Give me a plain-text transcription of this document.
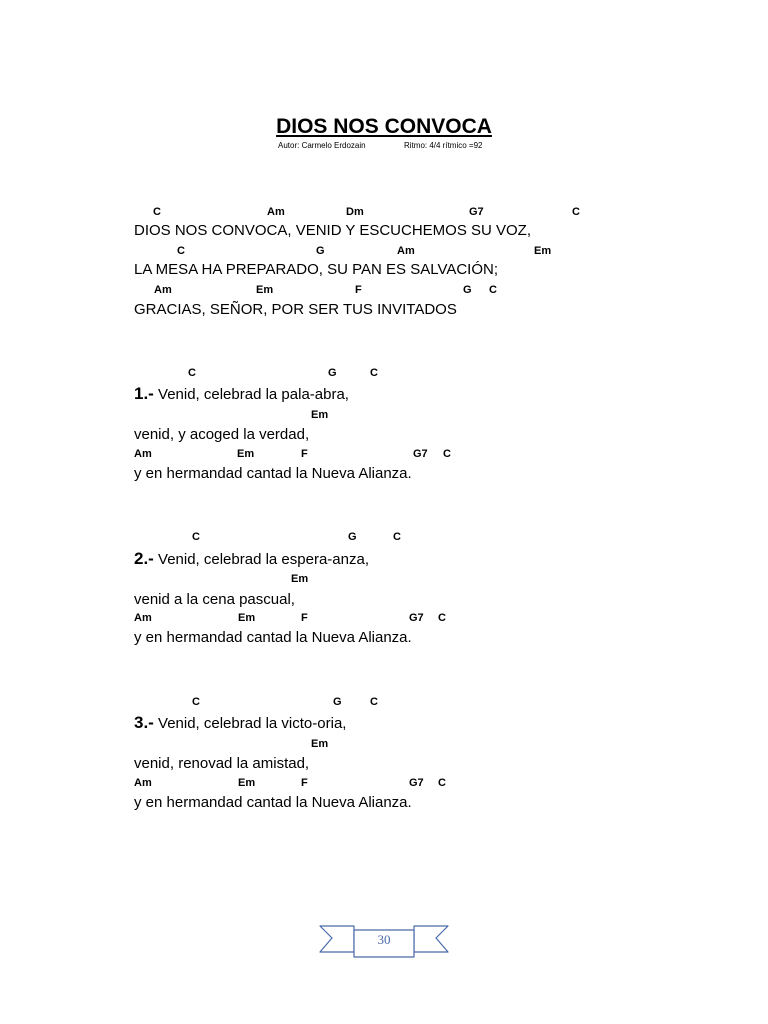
DIOS NOS CONVOCA
Autor: Carmelo Erdozain	Ritmo: 4/4 rítmico =92
C	Am	Dm	G7	C
DIOS NOS CONVOCA, VENID Y ESCUCHEMOS SU VOZ,
C	G	Am	Em
LA MESA HA PREPARADO, SU PAN ES SALVACIÓN;
Am	Em	F	G C
GRACIAS, SEÑOR, POR SER TUS INVITADOS
C	G	C
1.- Venid, celebrad la pala-abra,
Em
venid, y acoged la verdad,
Am	Em	F	G7 C
y en hermandad cantad la Nueva Alianza.
C	G	C
2.- Venid, celebrad la espera-anza,
Em
venid a la cena pascual,
Am	Em	F	G7 C
y en hermandad cantad la Nueva Alianza.
C	G	C
3.- Venid, celebrad la victo-oria,
Em
venid, renovad la amistad,
Am	Em	F	G7 C
y en hermandad cantad la Nueva Alianza.
30
